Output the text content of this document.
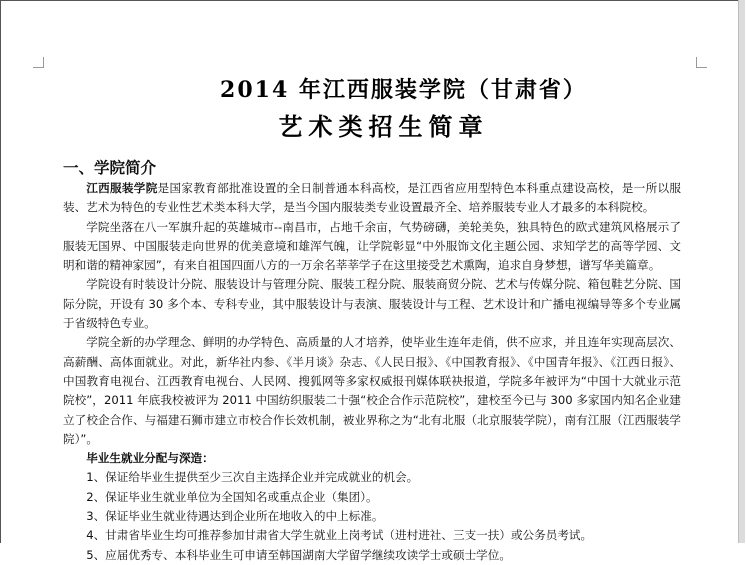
2014 年江西服装学院（甘肃省）
艺术类招生简章
一、学院简介

江西服装学院是国家教育部批准设置的全日制普通本科高校，是江西省应用型特色本科重点建设高校，是一所以服装、艺术为特色的专业性艺术类本科大学，是当今国内服装类专业设置最齐全、培养服装专业人才最多的本科院校。

学院坐落在八一军旗升起的英雄城市--南昌市，占地千余亩，气势磅礴，美轮美奂，独具特色的欧式建筑风格展示了服装无国界、中国服装走向世界的优美意境和雄浑气魄，让学院彰显“中外服饰文化主题公园、求知学艺的高等学园、文明和谐的精神家园”，有来自祖国四面八方的一万余名莘莘学子在这里接受艺术熏陶，追求自身梦想，谱写华美篇章。

学院设有时装设计分院、服装设计与管理分院、服装工程分院、服装商贸分院、艺术与传媒分院、箱包鞋艺分院、国际分院，开设有 30 多个本、专科专业，其中服装设计与表演、服装设计与工程、艺术设计和广播电视编导等多个专业属于省级特色专业。

学院全新的办学理念、鲜明的办学特色、高质量的人才培养，使毕业生连年走俏，供不应求，并且连年实现高层次、高薪酬、高体面就业。对此，新华社内参、《半月谈》杂志、《人民日报》、《中国教育报》、《中国青年报》、《江西日报》、中国教育电视台、江西教育电视台、人民网、搜狐网等多家权威报刊媒体联袂报道，学院多年被评为“中国十大就业示范院校”，2011 年底我校被评为 2011 中国纺织服装二十强“校企合作示范院校”，建校至今已与 300 多家国内知名企业建立了校企合作、与福建石狮市建立市校合作长效机制，被业界称之为“北有北服（北京服装学院），南有江服（江西服装学院）”。

毕业生就业分配与深造：
1、保证给毕业生提供至少三次自主选择企业并完成就业的机会。
2、保证毕业生就业单位为全国知名或重点企业（集团）。
3、保证毕业生就业待遇达到企业所在地收入的中上标准。
4、甘肃省毕业生均可推荐参加甘肃省大学生就业上岗考试（进村进社、三支一扶）或公务员考试。
5、应届优秀专、本科毕业生可申请至韩国湖南大学留学继续攻读学士或硕士学位。
